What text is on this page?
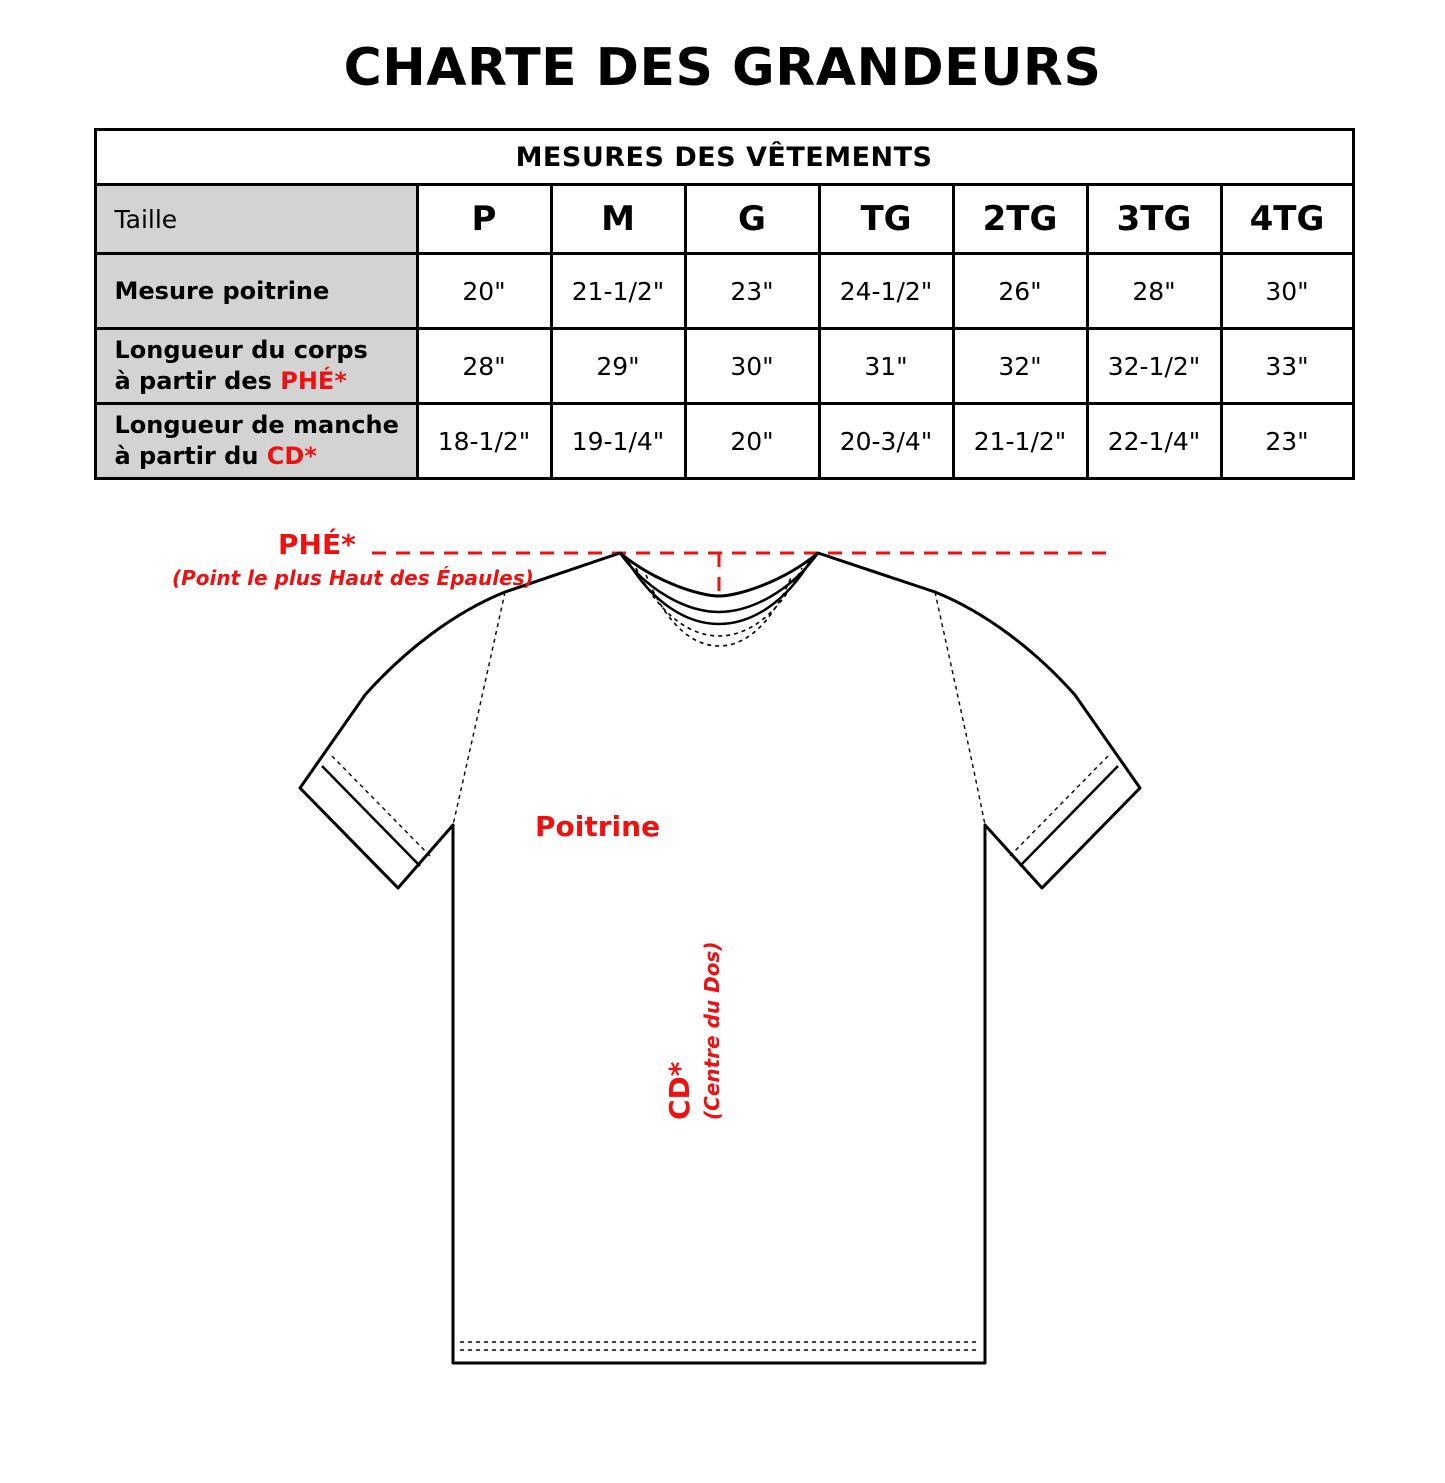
CHARTE DES GRANDEURS
MESURES DES VÊTEMENTS							
Taille	P	M	G	TG	2TG	3TG	4TG
Mesure poitrine	20"	21-1/2"	23"	24-1/2"	26"	28"	30"

Longueur du corps
à partir des PHÉ*	28"	29"	30"	31"	32"	32-1/2"	33"

Longueur de manche
à partir du CD*	18-1/2"	19-1/4"	20"	20-3/4"	21-1/2"	22-1/4"	23"
PHÉ*
(Point le plus Haut des Épaules)
Poitrine
CD* (Centre du Dos)
